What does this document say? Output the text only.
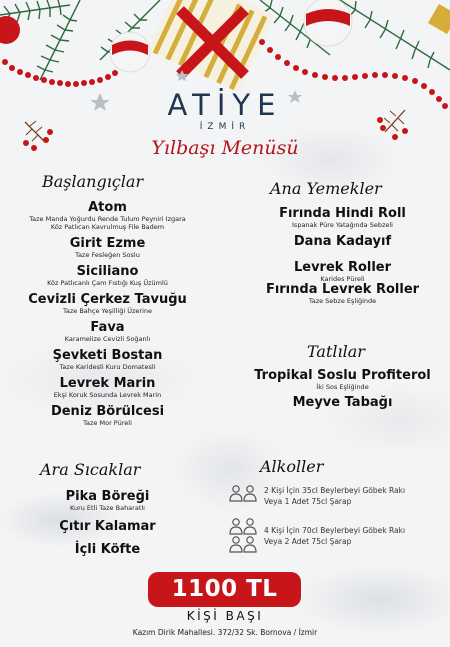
ATİYE
İZMİR
Yılbaşı Menüsü
Başlangıçlar
Atom
Taze Manda Yoğurdu Rende Tulum Peyniri Izgara
Köz Patlıcan Kavrulmuş File Badem
Girit Ezme
Taze Fesleğen Soslu
Siciliano
Köz Patlıcanlı Çam Fıstığı Kuş Üzümlü
Cevizli Çerkez Tavuğu
Taze Bahçe Yeşilliği Üzerine
Fava
Karamelize Cevizli Soğanlı
Şevketi Bostan
Taze Karidesli Kuru Domatesli
Levrek Marin
Ekşi Koruk Sosunda Levrek Marin
Deniz Börülcesi
Taze Mor Püreli
Ara Sıcaklar
Pika Böreği
Kuru Etli Taze Baharatlı
Çıtır Kalamar
İçli Köfte
Ana Yemekler
Fırında Hindi Roll
Ispanak Püre Yatağında Sebzeli
Dana Kadayıf
Levrek Roller
Karides Püreli
Fırında Levrek Roller
Taze Sebze Eşliğinde
Tatlılar
Tropikal Soslu Profiterol
İki Sos Eşliğinde
Meyve Tabağı
Alkoller
2 Kişi İçin 35cl Beylerbeyi Göbek Rakı
Veya 1 Adet 75cl Şarap
4 Kişi İçin 70cl Beylerbeyi Göbek Rakı
Veya 2 Adet 75cl Şarap
1100 TL
KİŞİ BAŞI
Kazım Dirik Mahallesi. 372/32 Sk. Bornova / İzmir
